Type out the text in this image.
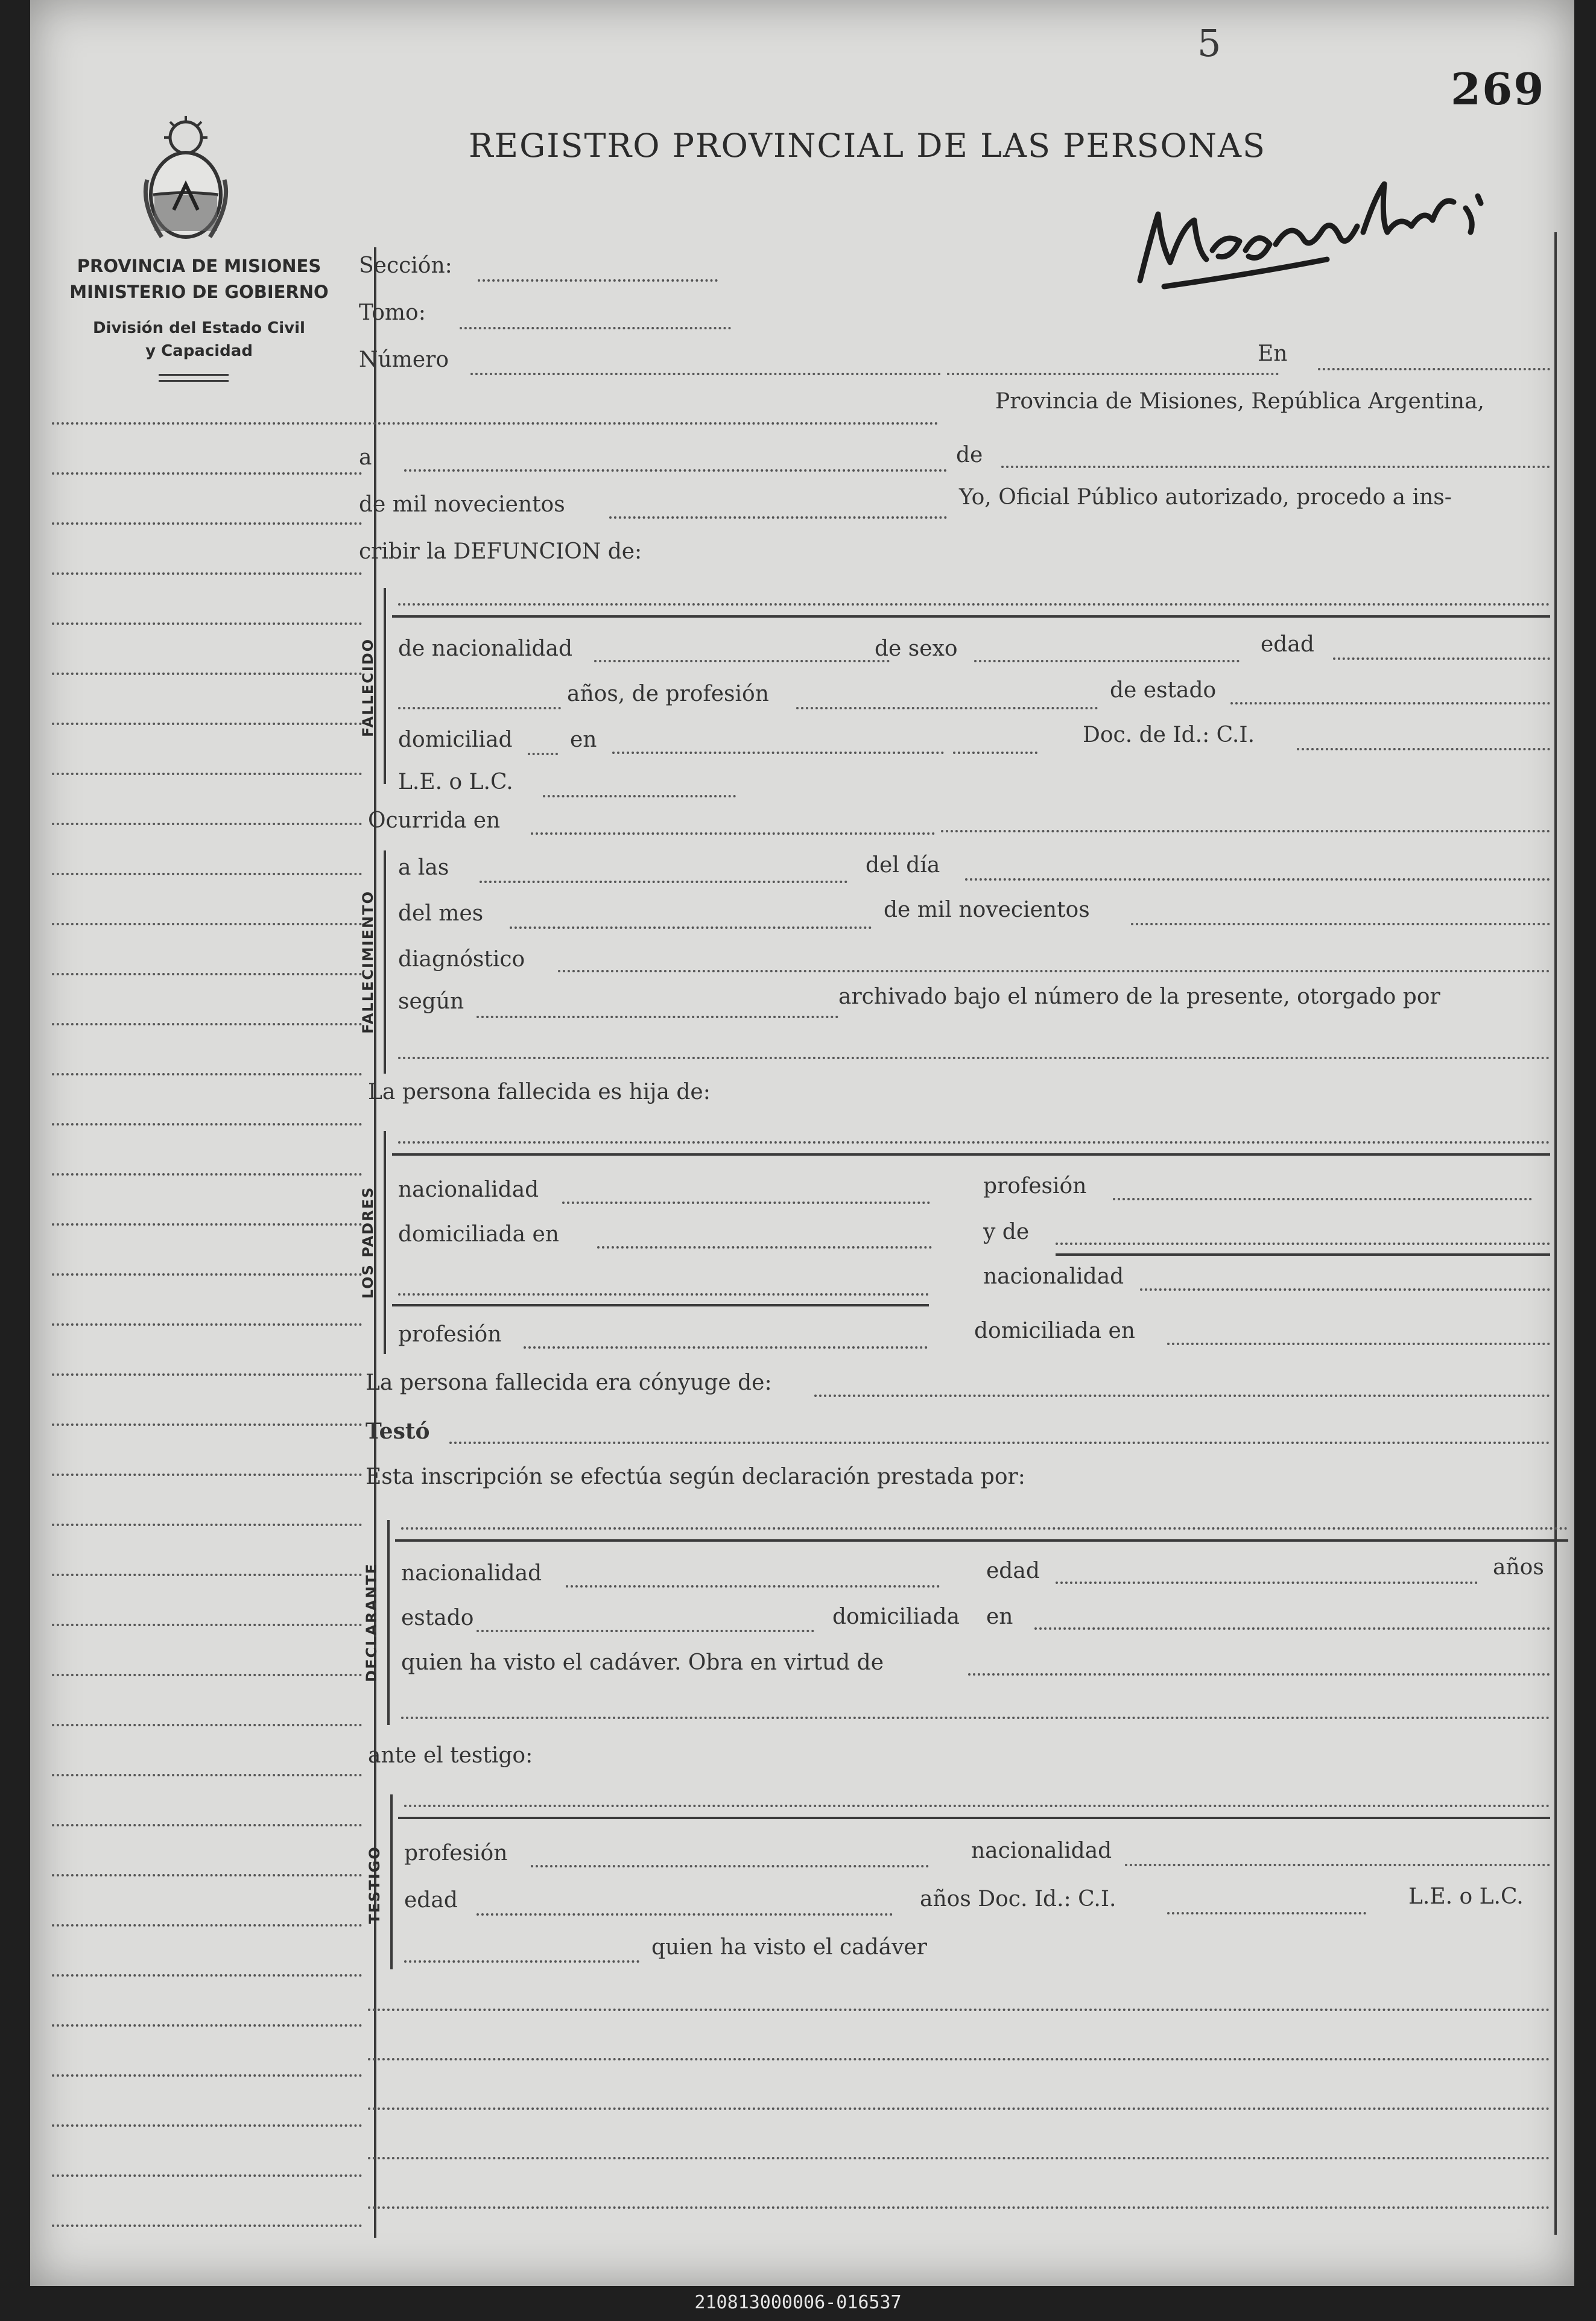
5
269
REGISTRO PROVINCIAL DE LAS PERSONAS
PROVINCIA DE MISIONES
MINISTERIO DE GOBIERNO
División del Estado Civil
y Capacidad
Sección:
Tomo:
Número	En
Provincia de Misiones, República Argentina,
a	de
de mil novecientos	Yo, Oficial Público autorizado, procedo a ins-
cribir la DEFUNCION de:
FALLECIDO de nacionalidad	de sexo	edad
años, de profesión	de estado
domiciliad	en	Doc. de Id.: C.I.
L.E. o L.C.
Ocurrida en
FALLECIMIENTO
a las	del día
del mes	de mil novecientos
diagnóstico
según	archivado bajo el número de la presente, otorgado por
La persona fallecida es hija de:
LOS PADRES nacionalidad	profesión
domiciliada en	y de
nacionalidad
profesión	domiciliada en
La persona fallecida era cónyuge de:
Testó
Esta inscripción se efectúa según declaración prestada por:
DECLARANTE nacionalidad	edad	años
estado	domiciliada en
quien ha visto el cadáver. Obra en virtud de
ante el testigo:
TESTIGO profesión	nacionalidad
edad	años Doc. Id.: C.I.	L.E. o L.C.
quien ha visto el cadáver
210813000006-016537
